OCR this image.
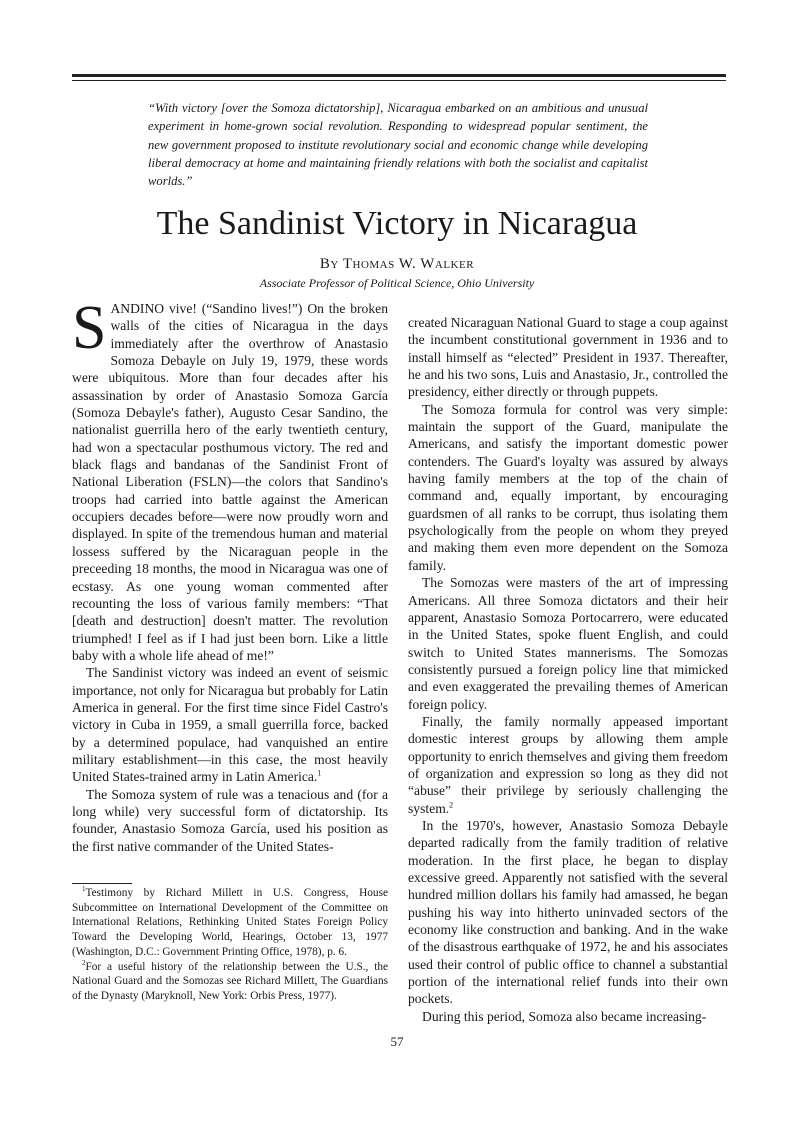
“With victory [over the Somoza dictatorship], Nicaragua embarked on an ambitious and unusual experiment in home-grown social revolution. Responding to widespread popular sentiment, the new government proposed to institute revolutionary social and economic change while developing liberal democracy at home and maintaining friendly relations with both the socialist and capitalist worlds.”

The Sandinist Victory in Nicaragua
By Thomas W. Walker
Associate Professor of Political Science, Ohio University

SANDINO vive! (“Sandino lives!”) On the broken walls of the cities of Nicaragua in the days immediately after the overthrow of Anastasio Somoza Debayle on July 19, 1979, these words were ubiquitous. More than four decades after his assassination by order of Anastasio Somoza García (Somoza Debayle's father), Augusto Cesar Sandino, the nationalist guerrilla hero of the early twentieth century, had won a spectacular posthumous victory. The red and black flags and bandanas of the Sandinist Front of National Liberation (FSLN)—the colors that Sandino's troops had carried into battle against the American occupiers decades before—were now proudly worn and displayed. In spite of the tremendous human and material lossess suffered by the Nicaraguan people in the preceeding 18 months, the mood in Nicaragua was one of ecstasy. As one young woman commented after recounting the loss of various family members: “That [death and destruction] doesn't matter. The revolution triumphed! I feel as if I had just been born. Like a little baby with a whole life ahead of me!”

The Sandinist victory was indeed an event of seismic importance, not only for Nicaragua but probably for Latin America in general. For the first time since Fidel Castro's victory in Cuba in 1959, a small guerrilla force, backed by a determined populace, had vanquished an entire military establishment—in this case, the most heavily United States-trained army in Latin America.$^1$

The Somoza system of rule was a tenacious and (for a long while) very successful form of dictatorship. Its founder, Anastasio Somoza García, used his position as the first native commander of the United States-

$^1$Testimony by Richard Millett in U.S. Congress, House Subcommittee on International Development of the Committee on International Relations, Rethinking United States Foreign Policy Toward the Developing World, Hearings, October 13, 1977 (Washington, D.C.: Government Printing Office, 1978), p. 6.

$^2$For a useful history of the relationship between the U.S., the National Guard and the Somozas see Richard Millett, The Guardians of the Dynasty (Maryknoll, New York: Orbis Press, 1977).

created Nicaraguan National Guard to stage a coup against the incumbent constitutional government in 1936 and to install himself as “elected” President in 1937. Thereafter, he and his two sons, Luis and Anastasio, Jr., controlled the presidency, either directly or through puppets.

The Somoza formula for control was very simple: maintain the support of the Guard, manipulate the Americans, and satisfy the important domestic power contenders. The Guard's loyalty was assured by always having family members at the top of the chain of command and, equally important, by encouraging guardsmen of all ranks to be corrupt, thus isolating them psychologically from the people on whom they preyed and making them even more dependent on the Somoza family.

The Somozas were masters of the art of impressing Americans. All three Somoza dictators and their heir apparent, Anastasio Somoza Portocarrero, were educated in the United States, spoke fluent English, and could switch to United States mannerisms. The Somozas consistently pursued a foreign policy line that mimicked and even exaggerated the prevailing themes of American foreign policy.

Finally, the family normally appeased important domestic interest groups by allowing them ample opportunity to enrich themselves and giving them freedom of organization and expression so long as they did not “abuse” their privilege by seriously challenging the system.$^2$

In the 1970's, however, Anastasio Somoza Debayle departed radically from the family tradition of relative moderation. In the first place, he began to display excessive greed. Apparently not satisfied with the several hundred million dollars his family had amassed, he began pushing his way into hitherto uninvaded sectors of the economy like construction and banking. And in the wake of the disastrous earthquake of 1972, he and his associates used their control of public office to channel a substantial portion of the international relief funds into their own pockets.

During this period, Somoza also became increasing-

57
